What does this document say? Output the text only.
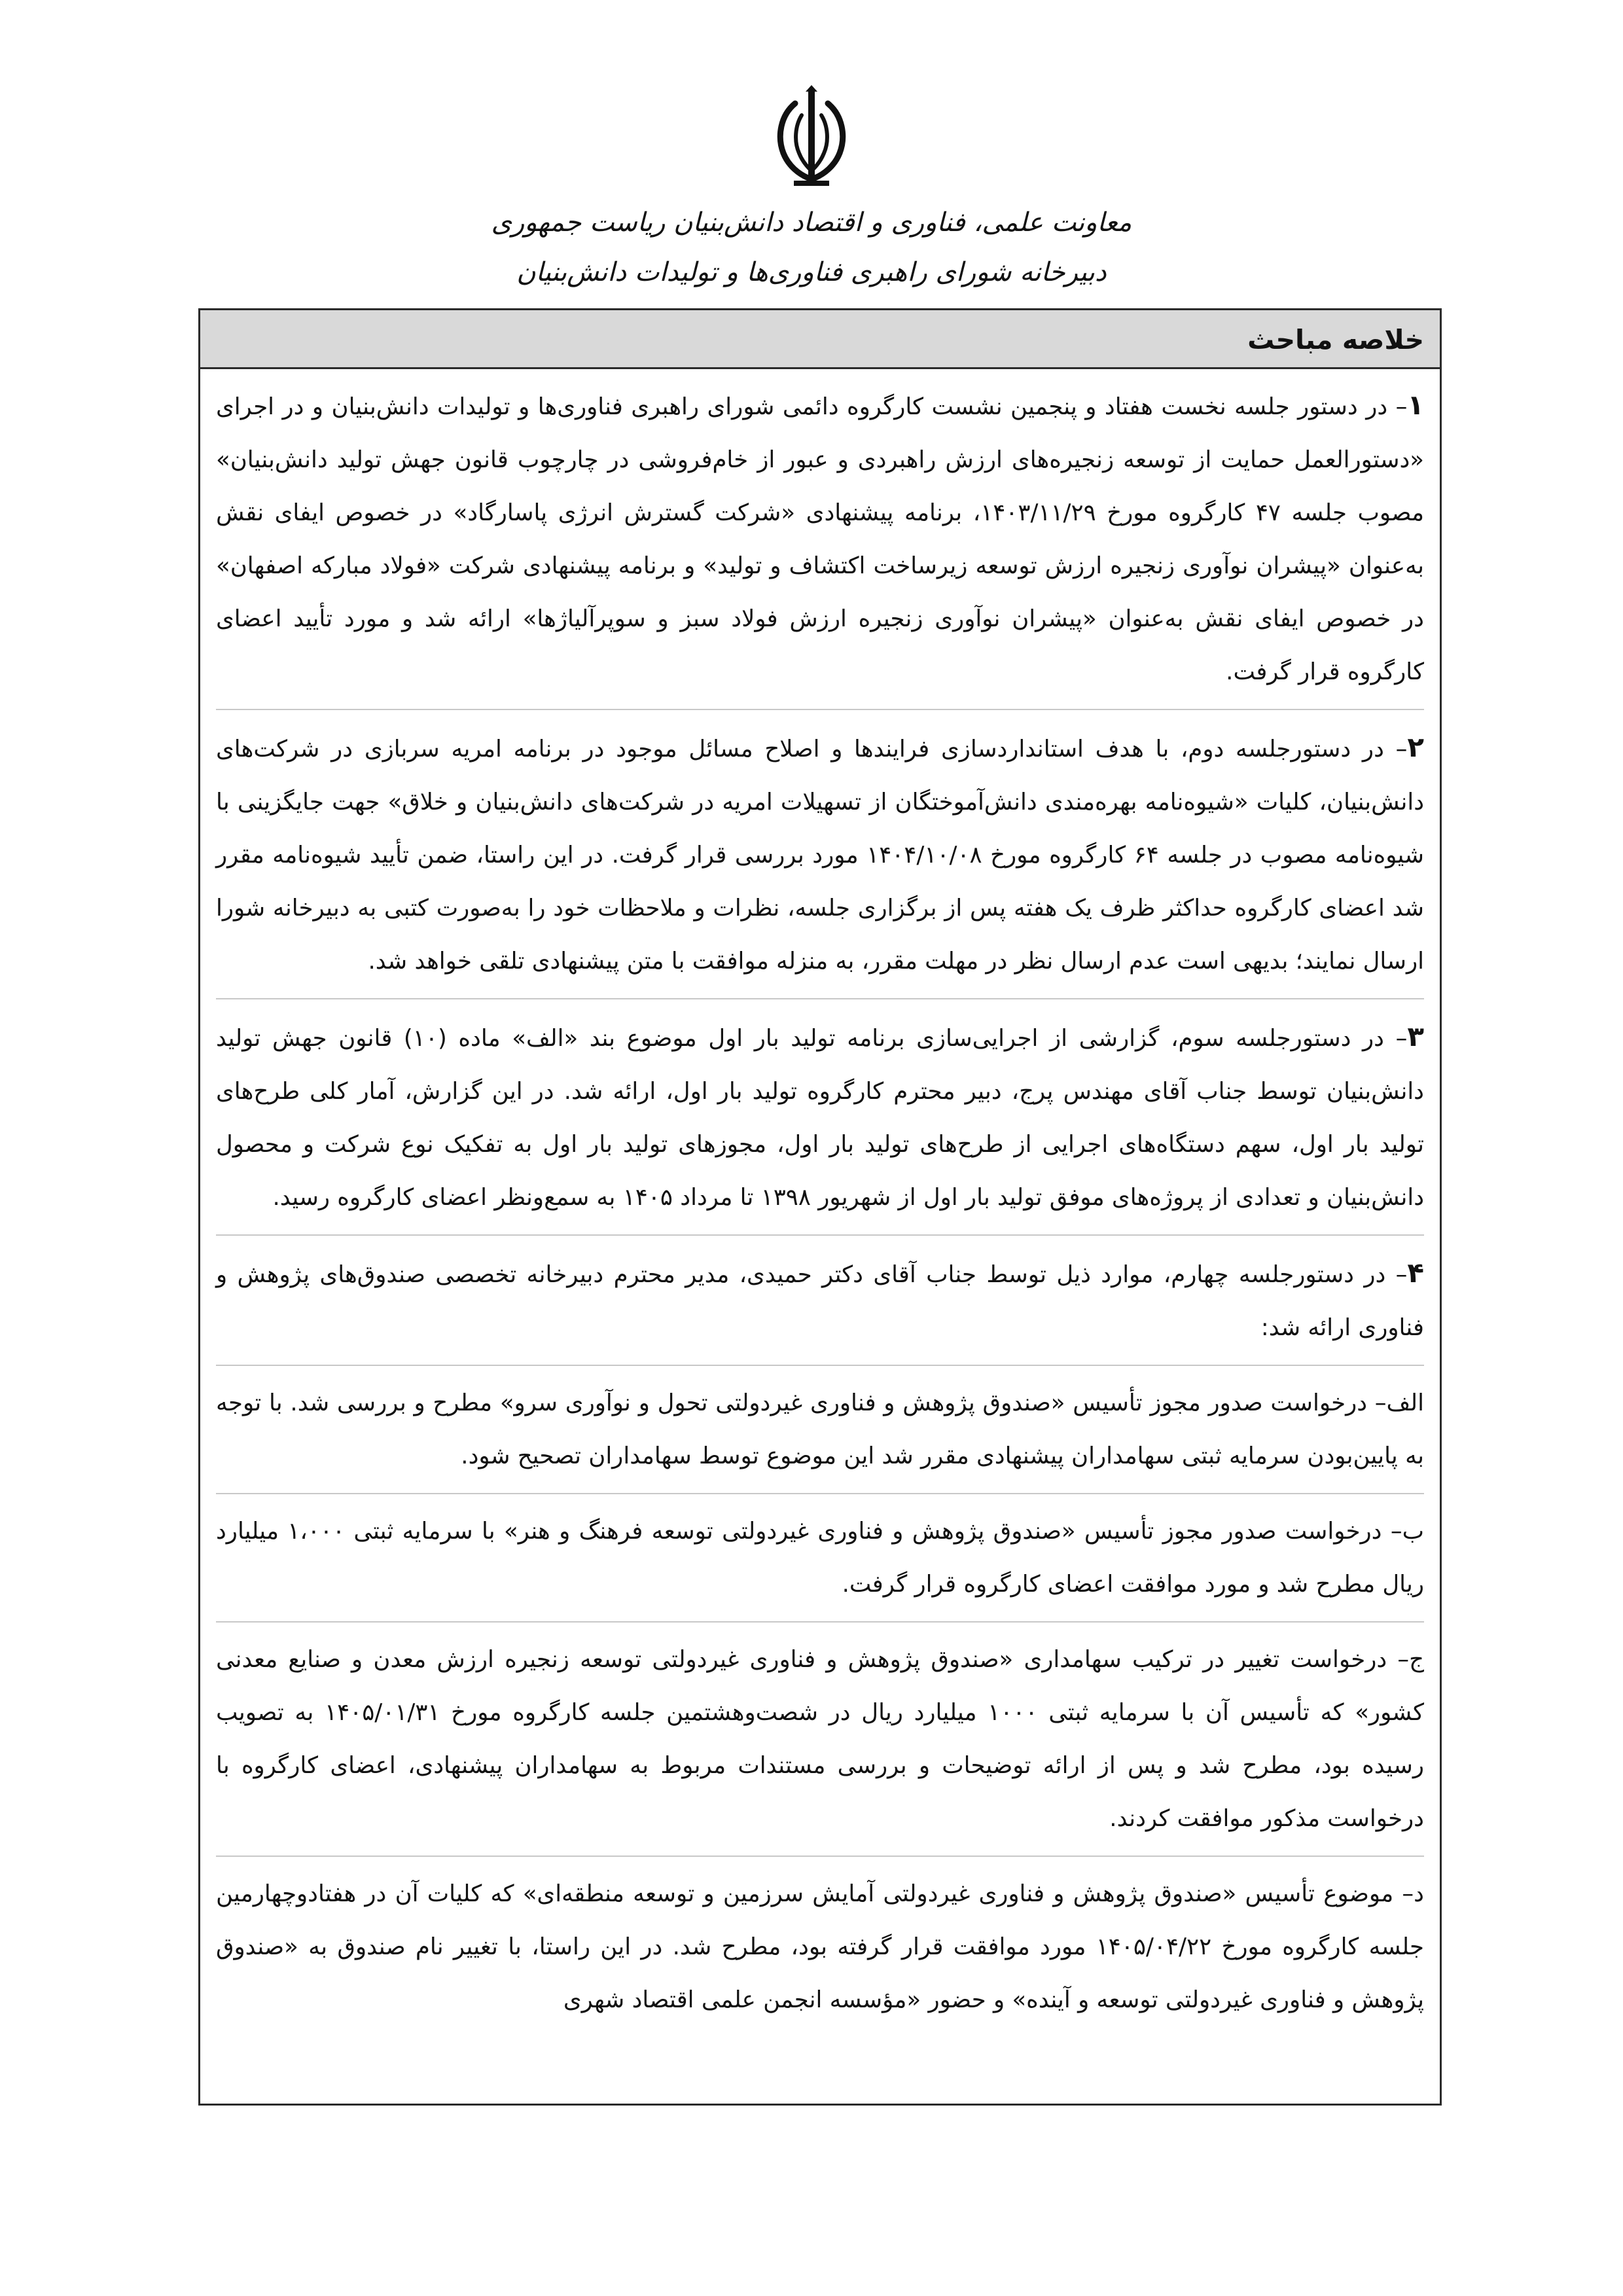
معاونت علمی، فناوری و اقتصاد دانش‌بنیان ریاست جمهوری

دبیرخانه شورای راهبری فناوری‌ها و تولیدات دانش‌بنیان

خلاصه مباحث

۱– در دستور جلسه نخست هفتاد و پنجمین نشست کارگروه دائمی شورای راهبری فناوری‌ها و تولیدات دانش‌بنیان و در اجرای «دستورالعمل حمایت از توسعه زنجیره‌های ارزش راهبردی و عبور از خام‌فروشی در چارچوب قانون جهش تولید دانش‌بنیان» مصوب جلسه ۴۷ کارگروه مورخ ۱۴۰۳/۱۱/۲۹، برنامه پیشنهادی «شرکت گسترش انرژی پاسارگاد» در خصوص ایفای نقش به‌عنوان «پیشران نوآوری زنجیره ارزش توسعه زیرساخت اکتشاف و تولید» و برنامه پیشنهادی شرکت «فولاد مبارکه اصفهان» در خصوص ایفای نقش به‌عنوان «پیشران نوآوری زنجیره ارزش فولاد سبز و سوپرآلیاژها» ارائه شد و مورد تأیید اعضای کارگروه قرار گرفت.

۲– در دستورجلسه دوم، با هدف استانداردسازی فرایندها و اصلاح مسائل موجود در برنامه امریه سربازی در شرکت‌های دانش‌بنیان، کلیات «شیوه‌نامه بهره‌مندی دانش‌آموختگان از تسهیلات امریه در شرکت‌های دانش‌بنیان و خلاق» جهت جایگزینی با شیوه‌نامه مصوب در جلسه ۶۴ کارگروه مورخ ۱۴۰۴/۱۰/۰۸ مورد بررسی قرار گرفت. در این راستا، ضمن تأیید شیوه‌نامه مقرر شد اعضای کارگروه حداکثر ظرف یک هفته پس از برگزاری جلسه، نظرات و ملاحظات خود را به‌صورت کتبی به دبیرخانه شورا ارسال نمایند؛ بدیهی است عدم ارسال نظر در مهلت مقرر، به منزله موافقت با متن پیشنهادی تلقی خواهد شد.

۳– در دستورجلسه سوم، گزارشی از اجرایی‌سازی برنامه تولید بار اول موضوع بند «الف» ماده (۱۰) قانون جهش تولید دانش‌بنیان توسط جناب آقای مهندس پرج، دبیر محترم کارگروه تولید بار اول، ارائه شد. در این گزارش، آمار کلی طرح‌های تولید بار اول، سهم دستگاه‌های اجرایی از طرح‌های تولید بار اول، مجوزهای تولید بار اول به تفکیک نوع شرکت و محصول دانش‌بنیان و تعدادی از پروژه‌های موفق تولید بار اول از شهریور ۱۳۹۸ تا مرداد ۱۴۰۵ به سمع‌ونظر اعضای کارگروه رسید.

۴– در دستورجلسه چهارم، موارد ذیل توسط جناب آقای دکتر حمیدی، مدیر محترم دبیرخانه تخصصی صندوق‌های پژوهش و فناوری ارائه شد:

الف– درخواست صدور مجوز تأسیس «صندوق پژوهش و فناوری غیردولتی تحول و نوآوری سرو» مطرح و بررسی شد. با توجه به پایین‌بودن سرمایه ثبتی سهامداران پیشنهادی مقرر شد این موضوع توسط سهامداران تصحیح شود.

ب– درخواست صدور مجوز تأسیس «صندوق پژوهش و فناوری غیردولتی توسعه فرهنگ و هنر» با سرمایه ثبتی ۱،۰۰۰ میلیارد ریال مطرح شد و مورد موافقت اعضای کارگروه قرار گرفت.

ج– درخواست تغییر در ترکیب سهامداری «صندوق پژوهش و فناوری غیردولتی توسعه زنجیره ارزش معدن و صنایع معدنی کشور» که تأسیس آن با سرمایه ثبتی ۱۰۰۰ میلیارد ریال در شصت‌وهشتمین جلسه کارگروه مورخ ۱۴۰۵/۰۱/۳۱ به تصویب رسیده بود، مطرح شد و پس از ارائه توضیحات و بررسی مستندات مربوط به سهامداران پیشنهادی، اعضای کارگروه با درخواست مذکور موافقت کردند.

د– موضوع تأسیس «صندوق پژوهش و فناوری غیردولتی آمایش سرزمین و توسعه منطقه‌ای» که کلیات آن در هفتادوچهارمین جلسه کارگروه مورخ ۱۴۰۵/۰۴/۲۲ مورد موافقت قرار گرفته بود، مطرح شد. در این راستا، با تغییر نام صندوق به «صندوق پژوهش و فناوری غیردولتی توسعه و آینده» و حضور «مؤسسه انجمن علمی اقتصاد شهری
